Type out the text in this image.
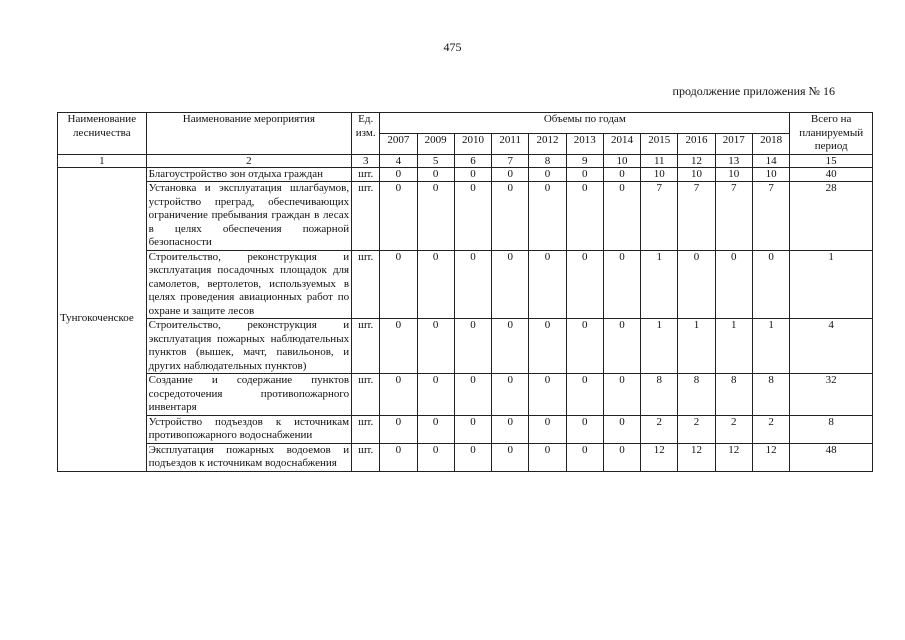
475
продолжение приложения № 16
Наименование лесничества	Наименование мероприятия	Ед. изм.	Объемы по годам											Всего на планируемый период
			2007	2009	2010	2011	2012	2013	2014	2015	2016	2017	2018	
1	2	3	4	5	6	7	8	9	10	11	12	13	14	15
Тунгокоченское	Благоустройство зон отдыха граждан	шт.	0	0	0	0	0	0	0	10	10	10	10	40
	Установка и эксплуатация шлагбаумов, устройство преград, обеспечивающих ограничение пребывания граждан в лесах в целях обеспечения пожарной безопасности	шт.	0	0	0	0	0	0	0	7	7	7	7	28
	Строительство, реконструкция и эксплуатация посадочных площадок для самолетов, вертолетов, используемых в целях проведения авиационных работ по охране и защите лесов	шт.	0	0	0	0	0	0	0	1	0	0	0	1
	Строительство, реконструкция и эксплуатация пожарных наблюдательных пунктов (вышек, мачт, павильонов, и других наблюдательных пунктов)	шт.	0	0	0	0	0	0	0	1	1	1	1	4
	Создание и содержание пунктов сосредоточения противопожарного инвентаря	шт.	0	0	0	0	0	0	0	8	8	8	8	32
	Устройство подъездов к источникам противопожарного водоснабжении	шт.	0	0	0	0	0	0	0	2	2	2	2	8
	Эксплуатация пожарных водоемов и подъездов к источникам водоснабжения	шт.	0	0	0	0	0	0	0	12	12	12	12	48
